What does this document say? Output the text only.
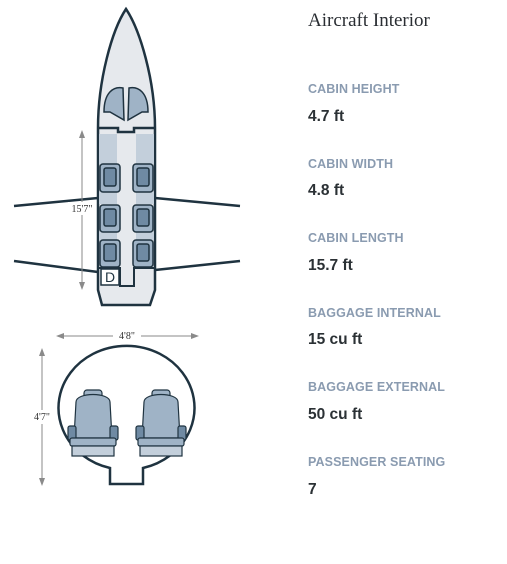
D
15'7"
4'8"
4'7"
Aircraft Interior
CABIN HEIGHT
4.7 ft
CABIN WIDTH
4.8 ft
CABIN LENGTH
15.7 ft
BAGGAGE INTERNAL
15 cu ft
BAGGAGE EXTERNAL
50 cu ft
PASSENGER SEATING
7
